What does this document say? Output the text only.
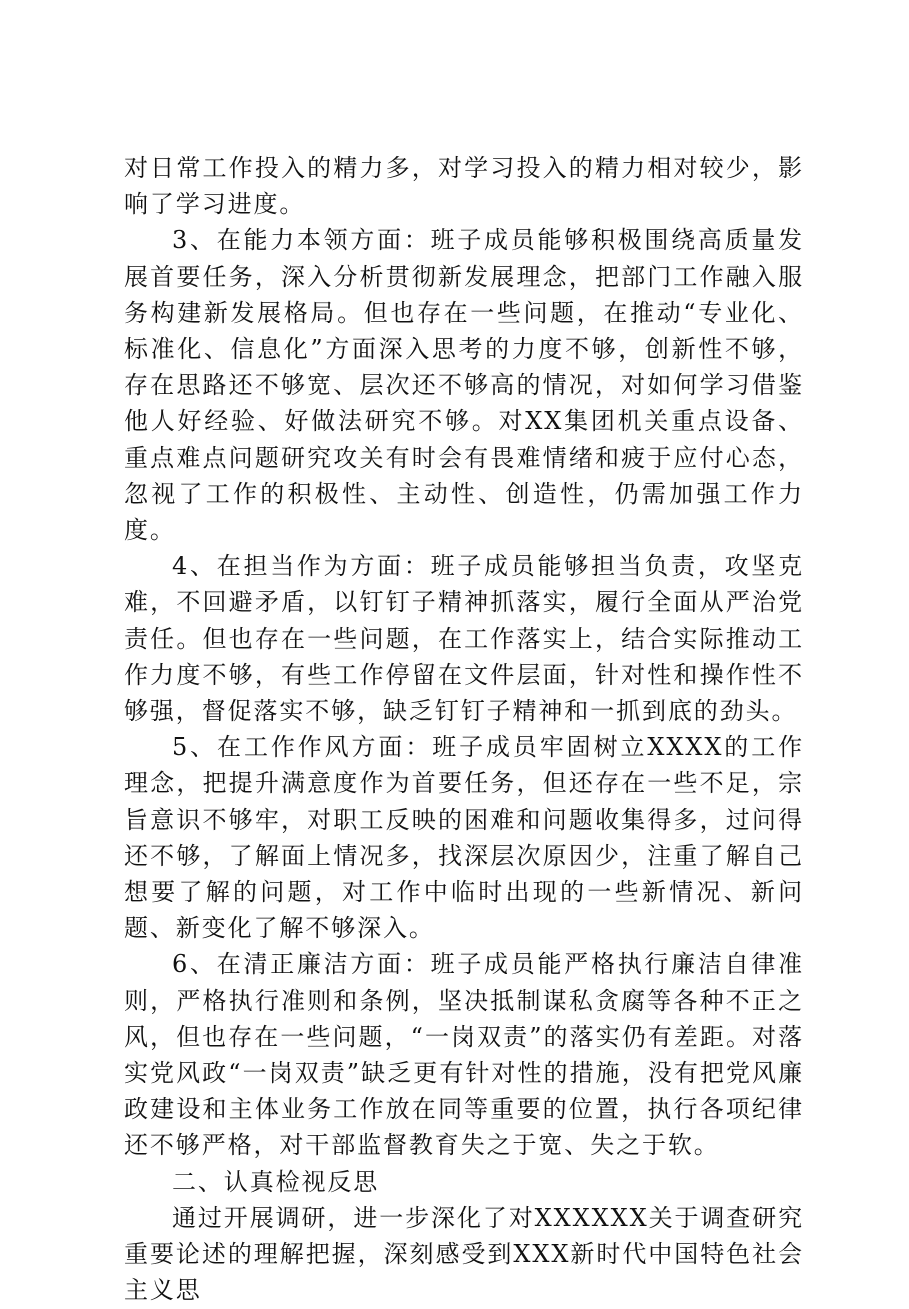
对日常工作投入的精力多，对学习投入的精力相对较少，影响了学习进度。

3、在能力本领方面：班子成员能够积极围绕高质量发展首要任务，深入分析贯彻新发展理念，把部门工作融入服务构建新发展格局。但也存在一些问题，在推动“专业化、标准化、信息化”方面深入思考的力度不够，创新性不够，存在思路还不够宽、层次还不够高的情况，对如何学习借鉴他人好经验、好做法研究不够。对XX集团机关重点设备、重点难点问题研究攻关有时会有畏难情绪和疲于应付心态，忽视了工作的积极性、主动性、创造性，仍需加强工作力度。

4、在担当作为方面：班子成员能够担当负责，攻坚克难，不回避矛盾，以钉钉子精神抓落实，履行全面从严治党责任。但也存在一些问题，在工作落实上，结合实际推动工作力度不够，有些工作停留在文件层面，针对性和操作性不够强，督促落实不够，缺乏钉钉子精神和一抓到底的劲头。

5、在工作作风方面：班子成员牢固树立XXXX的工作理念，把提升满意度作为首要任务，但还存在一些不足，宗旨意识不够牢，对职工反映的困难和问题收集得多，过问得还不够，了解面上情况多，找深层次原因少，注重了解自己想要了解的问题，对工作中临时出现的一些新情况、新问题、新变化了解不够深入。

6、在清正廉洁方面：班子成员能严格执行廉洁自律准则，严格执行准则和条例，坚决抵制谋私贪腐等各种不正之风，但也存在一些问题，“一岗双责”的落实仍有差距。对落实党风政“一岗双责”缺乏更有针对性的措施，没有把党风廉政建设和主体业务工作放在同等重要的位置，执行各项纪律还不够严格，对干部监督教育失之于宽、失之于软。

二、认真检视反思

通过开展调研，进一步深化了对XXXXXX关于调查研究重要论述的理解把握，深刻感受到XXX新时代中国特色社会主义思
